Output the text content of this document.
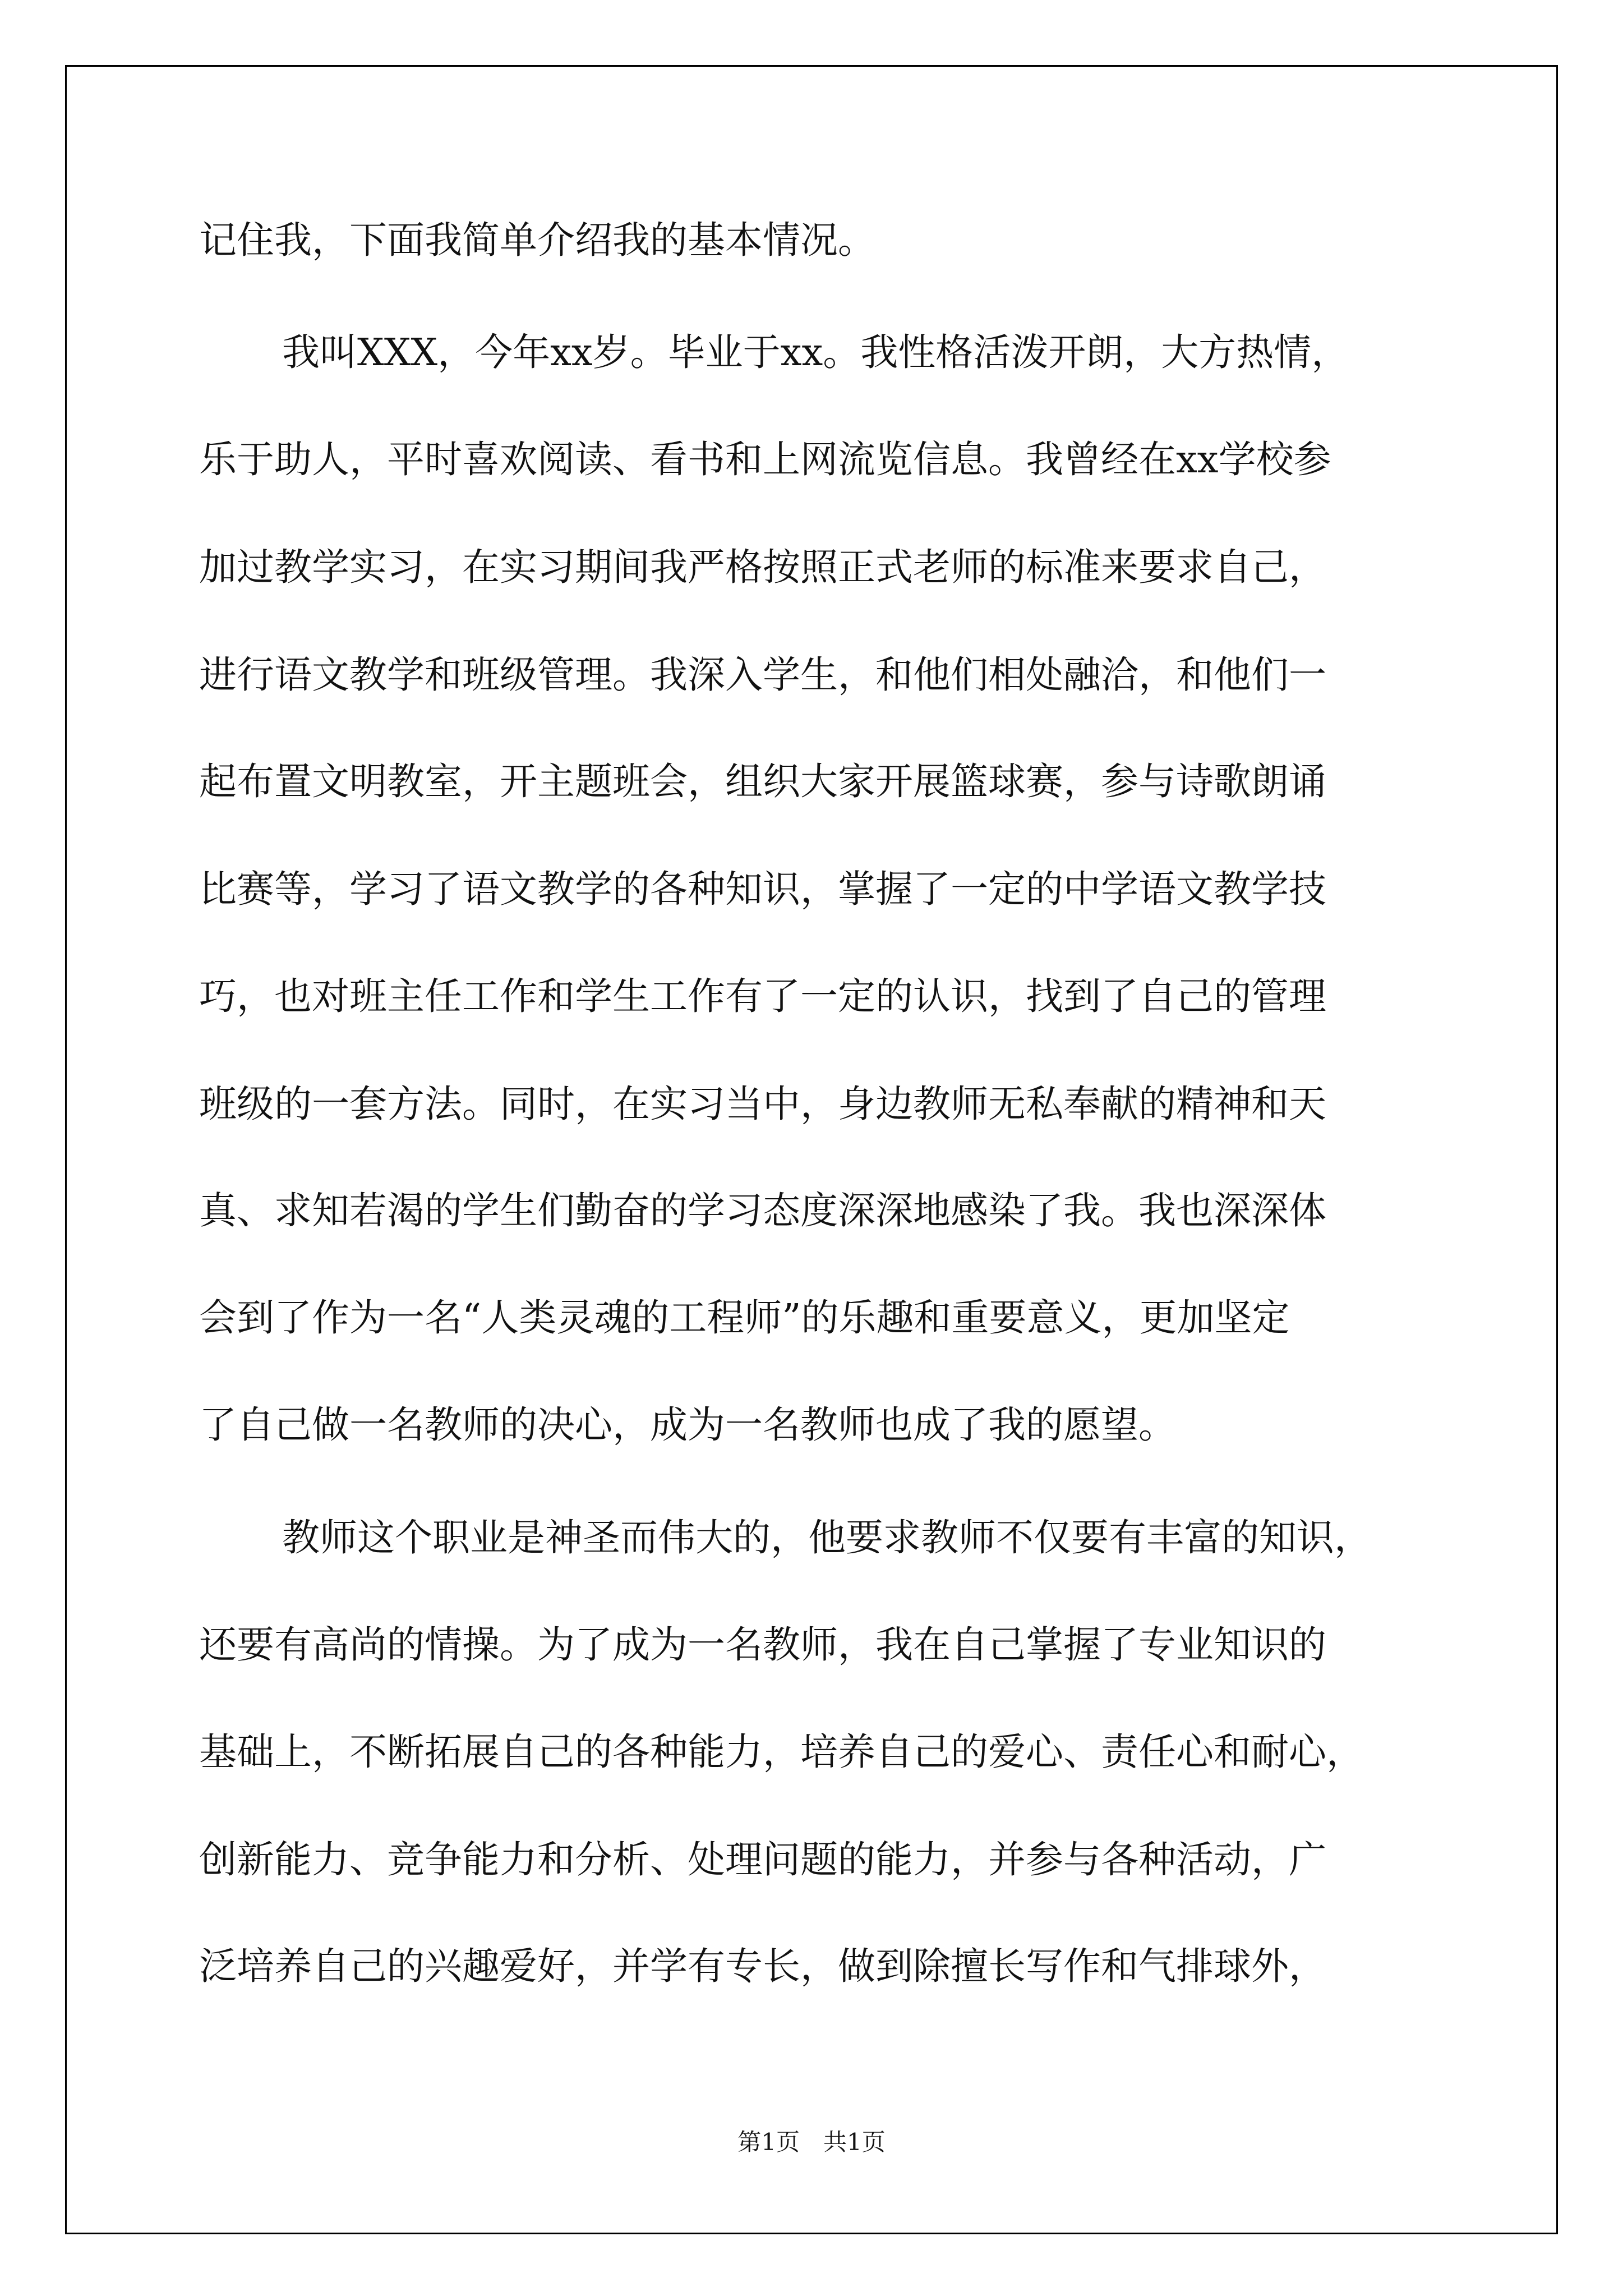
记住我，下面我简单介绍我的基本情况。
我叫XXX，今年xx岁。毕业于xx。我性格活泼开朗，大方热情，
乐于助人，平时喜欢阅读、看书和上网流览信息。我曾经在xx学校参
加过教学实习，在实习期间我严格按照正式老师的标准来要求自己，
进行语文教学和班级管理。我深入学生，和他们相处融洽，和他们一
起布置文明教室，开主题班会，组织大家开展篮球赛，参与诗歌朗诵
比赛等，学习了语文教学的各种知识，掌握了一定的中学语文教学技
巧，也对班主任工作和学生工作有了一定的认识，找到了自己的管理
班级的一套方法。同时，在实习当中，身边教师无私奉献的精神和天
真、求知若渴的学生们勤奋的学习态度深深地感染了我。我也深深体
会到了作为一名“人类灵魂的工程师”的乐趣和重要意义，更加坚定
了自己做一名教师的决心，成为一名教师也成了我的愿望。
教师这个职业是神圣而伟大的，他要求教师不仅要有丰富的知识，
还要有高尚的情操。为了成为一名教师，我在自己掌握了专业知识的
基础上，不断拓展自己的各种能力，培养自己的爱心、责任心和耐心，
创新能力、竞争能力和分析、处理问题的能力，并参与各种活动，广
泛培养自己的兴趣爱好，并学有专长，做到除擅长写作和气排球外，
第1页 共1页
